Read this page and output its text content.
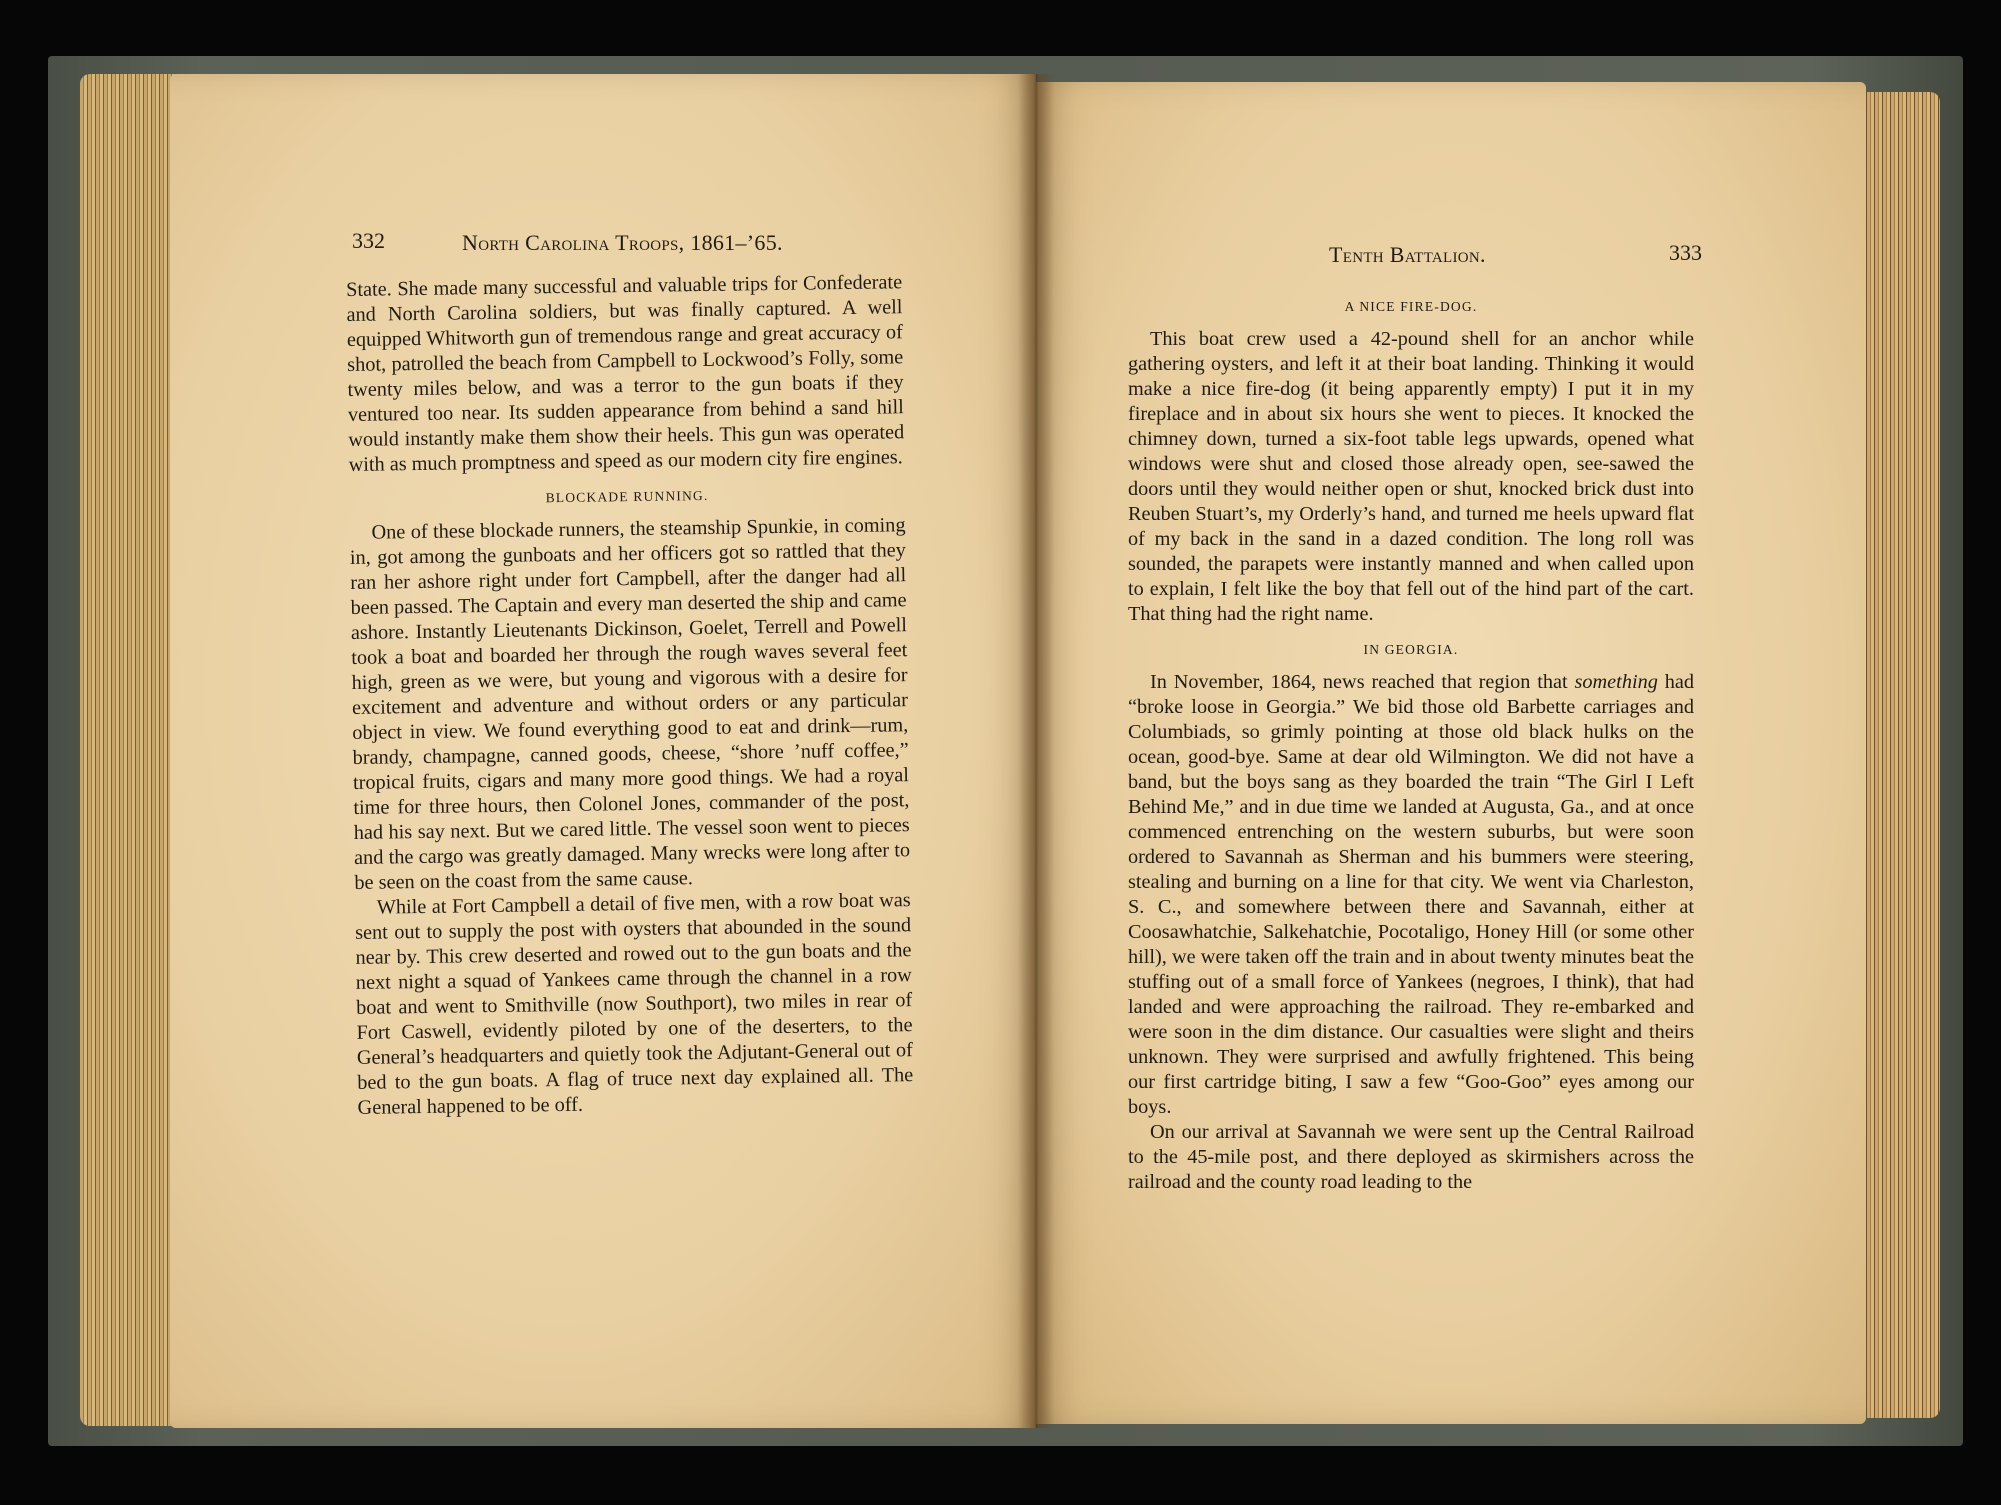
332	North Carolina Troops, 1861–’65.

State. She made many successful and valuable trips for Confederate and North Carolina soldiers, but was finally captured. A well equipped Whitworth gun of tremendous range and great accuracy of shot, patrolled the beach from Campbell to Lockwood’s Folly, some twenty miles below, and was a terror to the gun boats if they ventured too near. Its sudden appearance from behind a sand hill would instantly make them show their heels. This gun was operated with as much promptness and speed as our modern city fire engines.

BLOCKADE RUNNING.

One of these blockade runners, the steamship Spunkie, in coming in, got among the gunboats and her officers got so rattled that they ran her ashore right under fort Campbell, after the danger had all been passed. The Captain and every man deserted the ship and came ashore. Instantly Lieutenants Dickinson, Goelet, Terrell and Powell took a boat and boarded her through the rough waves several feet high, green as we were, but young and vigorous with a desire for excitement and adventure and without orders or any particular object in view. We found everything good to eat and drink—rum, brandy, champagne, canned goods, cheese, “shore ’nuff coffee,” tropical fruits, cigars and many more good things. We had a royal time for three hours, then Colonel Jones, commander of the post, had his say next. But we cared little. The vessel soon went to pieces and the cargo was greatly damaged. Many wrecks were long after to be seen on the coast from the same cause.

While at Fort Campbell a detail of five men, with a row boat was sent out to supply the post with oysters that abounded in the sound near by. This crew deserted and rowed out to the gun boats and the next night a squad of Yankees came through the channel in a row boat and went to Smithville (now Southport), two miles in rear of Fort Caswell, evidently piloted by one of the deserters, to the General’s headquarters and quietly took the Adjutant-General out of bed to the gun boats. A flag of truce next day explained all. The General happened to be off.

Tenth Battalion.	333
A NICE FIRE-DOG.

This boat crew used a 42-pound shell for an anchor while gathering oysters, and left it at their boat landing. Thinking it would make a nice fire-dog (it being apparently empty) I put it in my fireplace and in about six hours she went to pieces. It knocked the chimney down, turned a six-foot table legs upwards, opened what windows were shut and closed those already open, see-sawed the doors until they would neither open or shut, knocked brick dust into Reuben Stuart’s, my Orderly’s hand, and turned me heels upward flat of my back in the sand in a dazed condition. The long roll was sounded, the parapets were instantly manned and when called upon to explain, I felt like the boy that fell out of the hind part of the cart. That thing had the right name.

IN GEORGIA.

In November, 1864, news reached that region that something had “broke loose in Georgia.” We bid those old Barbette carriages and Columbiads, so grimly pointing at those old black hulks on the ocean, good-bye. Same at dear old Wilmington. We did not have a band, but the boys sang as they boarded the train “The Girl I Left Behind Me,” and in due time we landed at Augusta, Ga., and at once commenced entrenching on the western suburbs, but were soon ordered to Savannah as Sherman and his bummers were steering, stealing and burning on a line for that city. We went via Charleston, S. C., and somewhere between there and Savannah, either at Coosawhatchie, Salkehatchie, Pocotaligo, Honey Hill (or some other hill), we were taken off the train and in about twenty minutes beat the stuffing out of a small force of Yankees (negroes, I think), that had landed and were approaching the railroad. They re-embarked and were soon in the dim distance. Our casualties were slight and theirs unknown. They were surprised and awfully frightened. This being our first cartridge biting, I saw a few “Goo-Goo” eyes among our boys.

On our arrival at Savannah we were sent up the Central Railroad to the 45-mile post, and there deployed as skirmishers across the railroad and the county road leading to the
